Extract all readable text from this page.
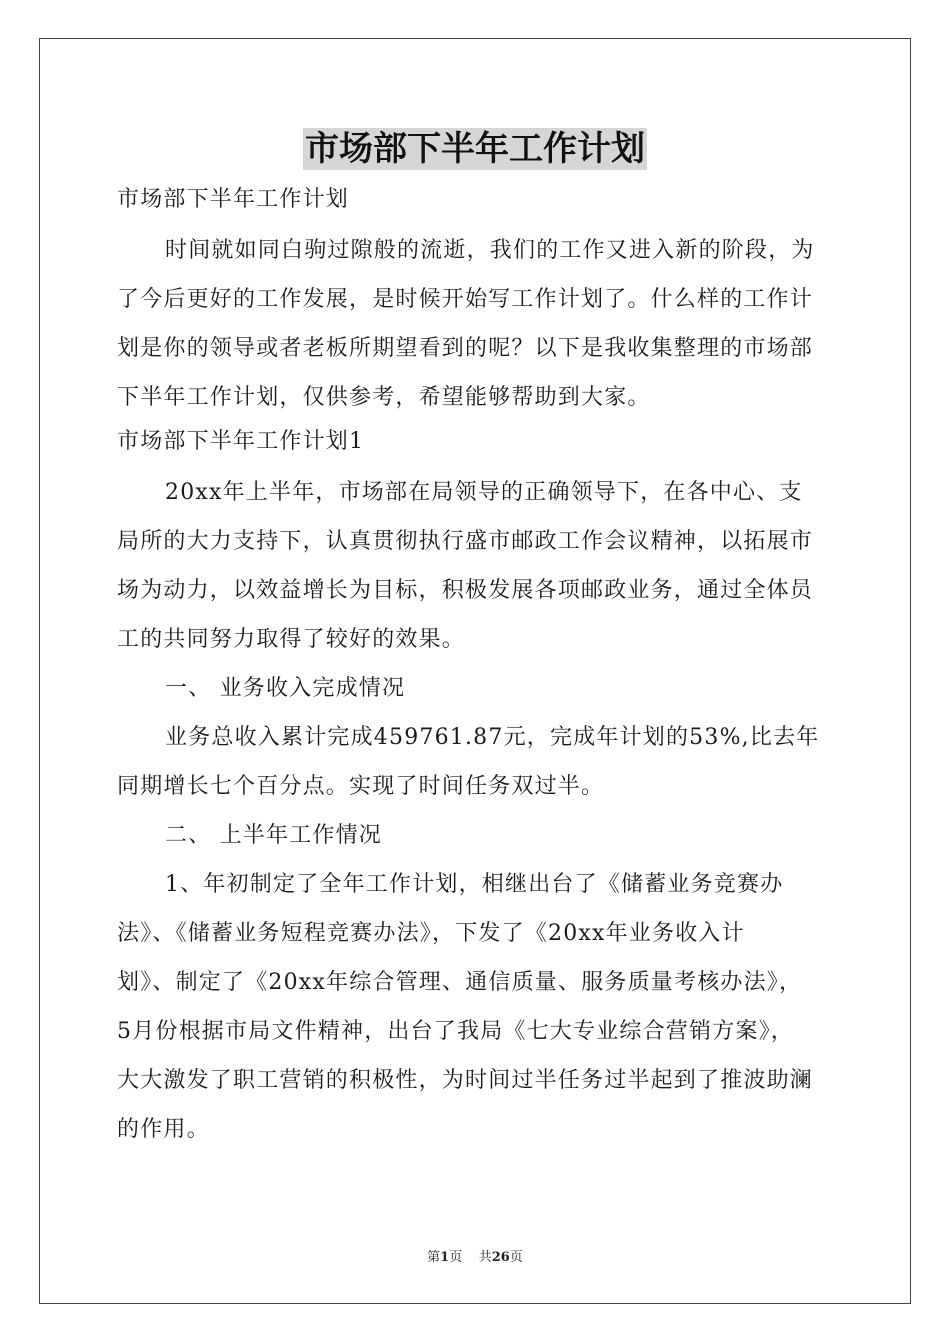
市场部下半年工作计划
市场部下半年工作计划
时间就如同白驹过隙般的流逝，我们的工作又进入新的阶段，为
了今后更好的工作发展，是时候开始写工作计划了。什么样的工作计
划是你的领导或者老板所期望看到的呢？以下是我收集整理的市场部
下半年工作计划，仅供参考，希望能够帮助到大家。
市场部下半年工作计划1
20xx年上半年，市场部在局领导的正确领导下，在各中心、支
局所的大力支持下，认真贯彻执行盛市邮政工作会议精神，以拓展市
场为动力，以效益增长为目标，积极发展各项邮政业务，通过全体员
工的共同努力取得了较好的效果。
一、 业务收入完成情况
业务总收入累计完成459761.87元，完成年计划的53%,比去年
同期增长七个百分点。实现了时间任务双过半。
二、 上半年工作情况
1、年初制定了全年工作计划，相继出台了《储蓄业务竞赛办
法》、《储蓄业务短程竞赛办法》，下发了《20xx年业务收入计
划》、制定了《20xx年综合管理、通信质量、服务质量考核办法》，
5月份根据市局文件精神，出台了我局《七大专业综合营销方案》，
大大激发了职工营销的积极性，为时间过半任务过半起到了推波助澜
的作用。
第1页 共26页
